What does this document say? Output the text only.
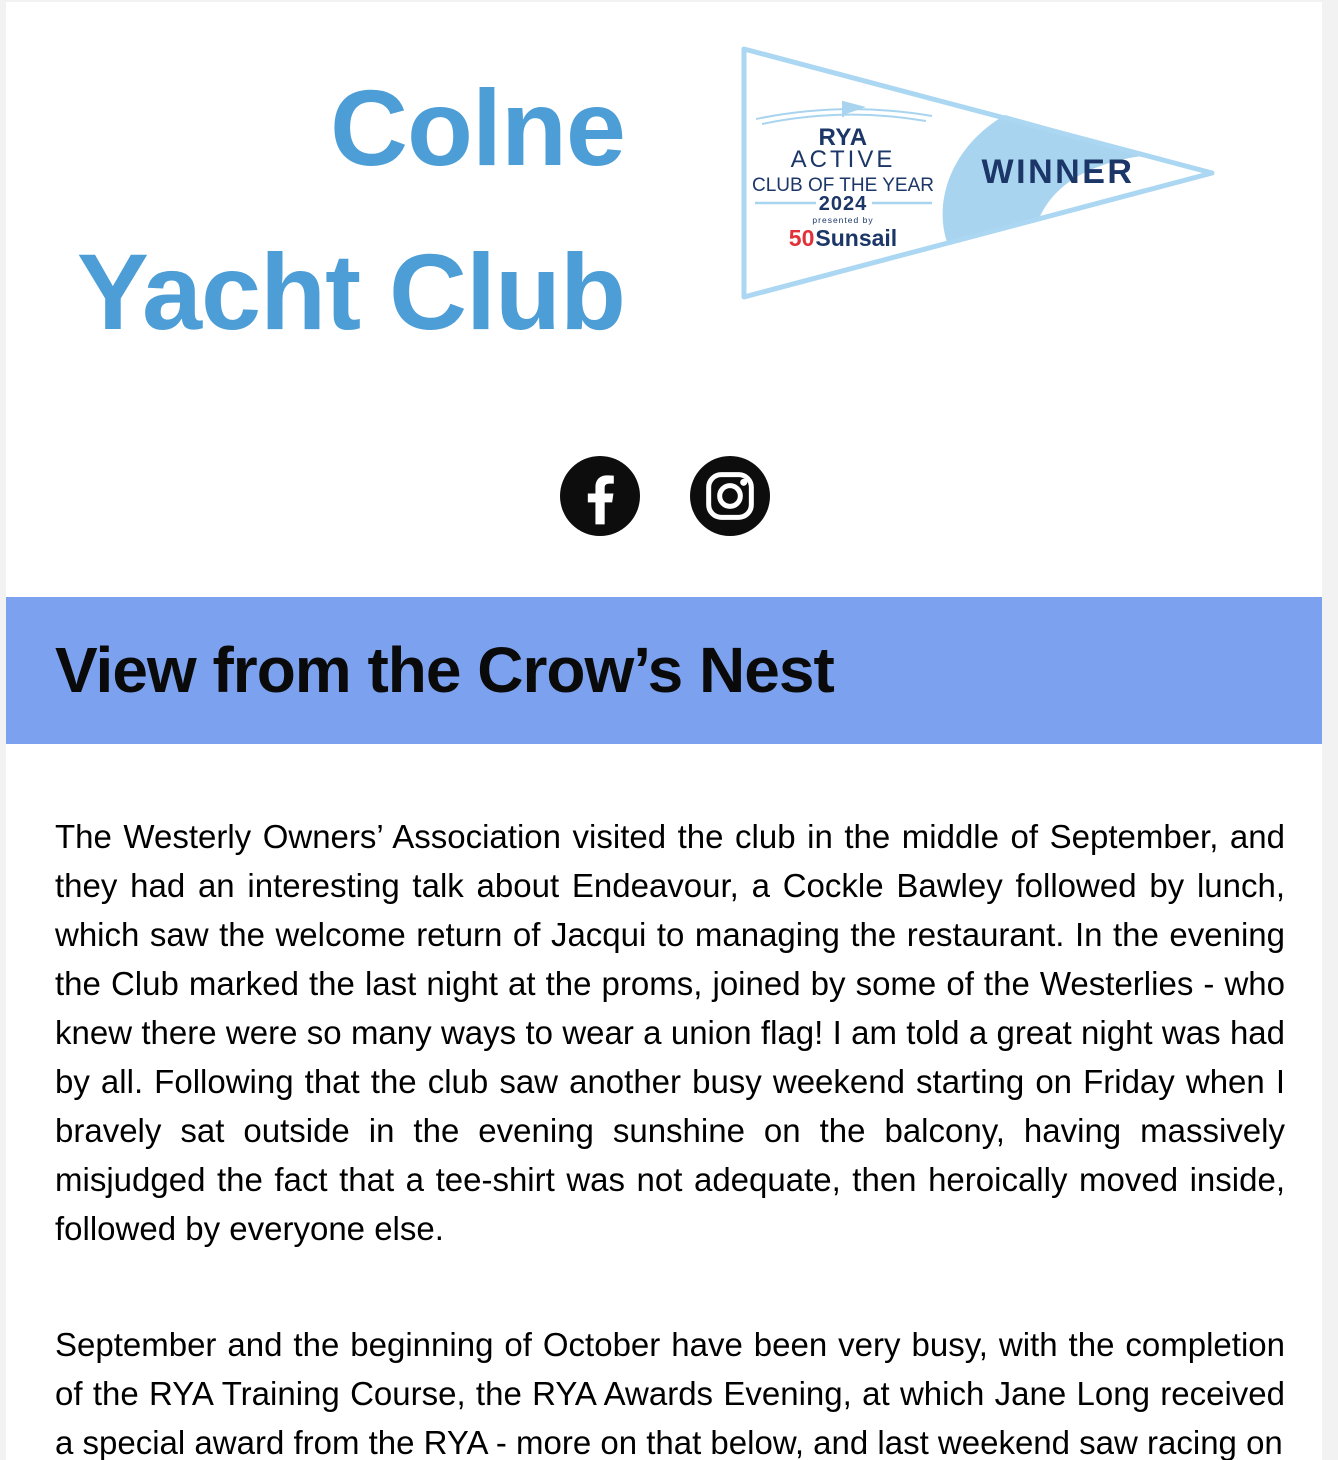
Colne
Yacht Club
RYA
ACTIVE
CLUB OF THE YEAR
2024
presented by
50Sunsail
WINNER
View from the Crow’s Nest

The Westerly Owners’ Association visited the club in the middle of September, and they had an interesting talk about Endeavour, a Cockle Bawley followed by lunch, which saw the welcome return of Jacqui to managing the restaurant. In the evening the Club marked the last night at the proms, joined by some of the Westerlies - who knew there were so many ways to wear a union flag! I am told a great night was had by all. Following that the club saw another busy weekend starting on Friday when I bravely sat outside in the evening sunshine on the balcony, having massively misjudged the fact that a tee-shirt was not adequate, then heroically moved inside, followed by everyone else.

September and the beginning of October have been very busy, with the completion of the RYA Training Course, the RYA Awards Evening, at which Jane Long received a special award from the RYA - more on that below, and last weekend saw racing on
